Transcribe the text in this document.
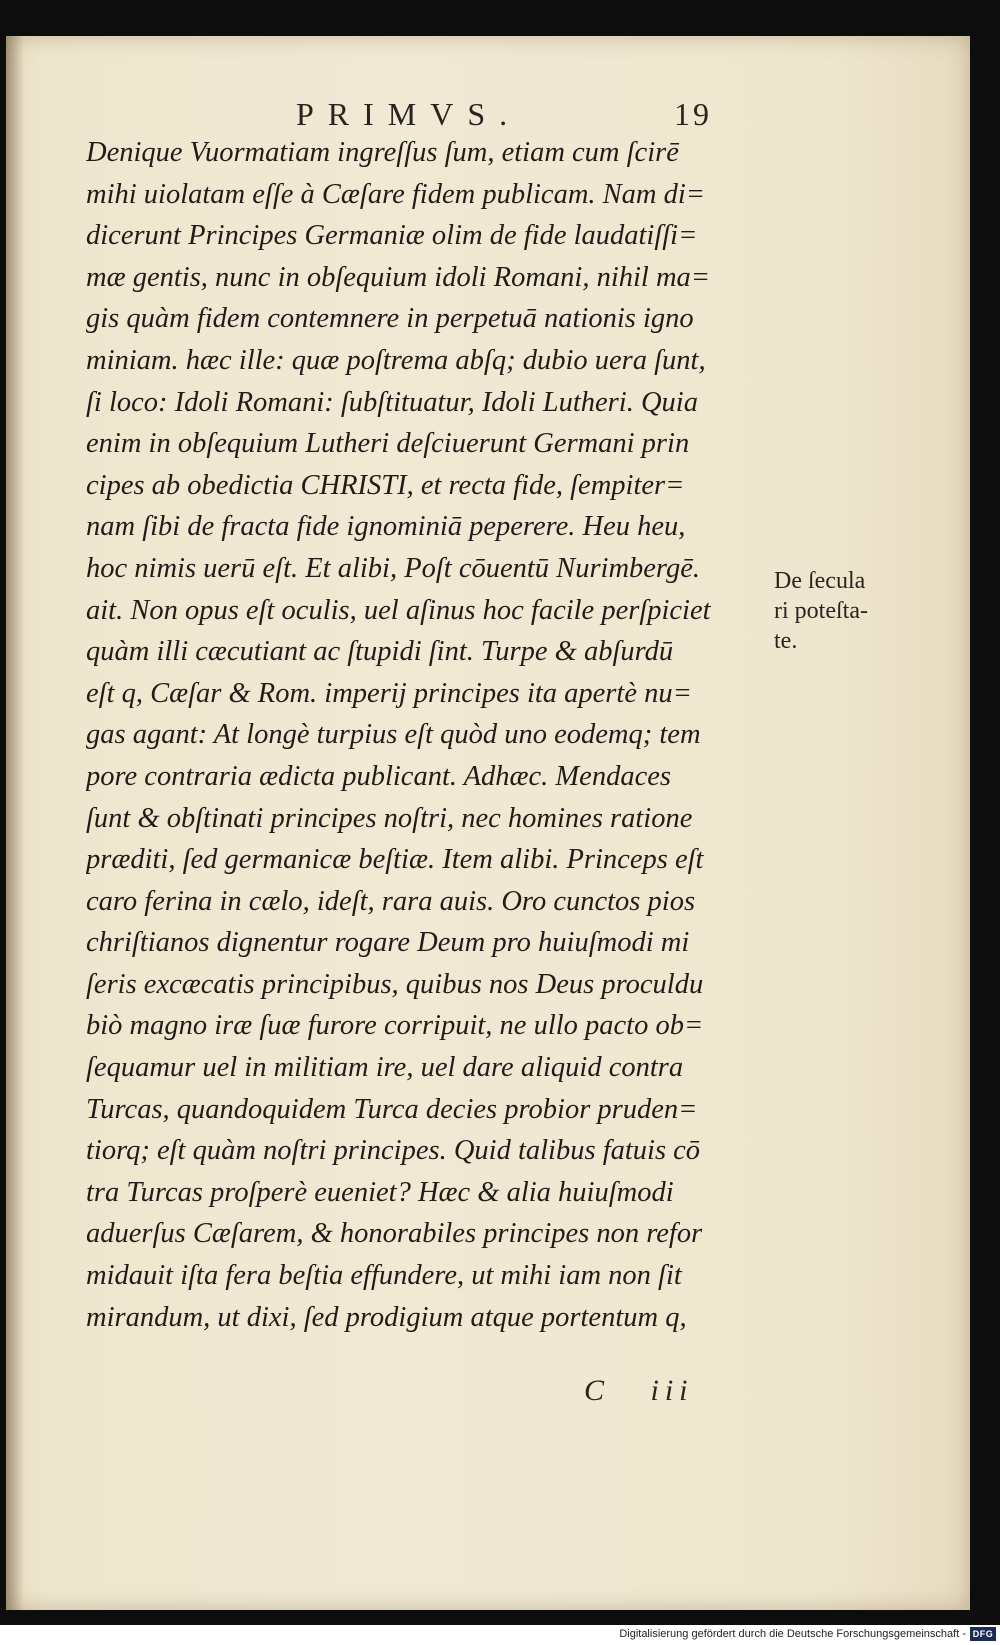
PRIMVS.	19
Denique Vuormatiam ingreſſus ſum, etiam cum ſcirē
mihi uiolatam eſſe à Cæſare fidem publicam. Nam di=
dicerunt Principes Germaniæ olim de fide laudatiſſi=
mæ gentis, nunc in obſequium idoli Romani, nihil ma=
gis quàm fidem contemnere in perpetuā nationis igno
miniam. hæc ille: quæ poſtrema abſq; dubio uera ſunt,
ſi loco: Idoli Romani: ſubſtituatur, Idoli Lutheri. Quia
enim in obſequium Lutheri deſciuerunt Germani prin
cipes ab obedictia CHRISTI, et recta fide, ſempiter=
nam ſibi de fracta fide ignominiā peperere. Heu heu,
hoc nimis uerū eſt. Et alibi, Poſt cōuentū Nurimbergē.
ait. Non opus eſt oculis, uel aſinus hoc facile perſpiciet
quàm illi cæcutiant ac ſtupidi ſint. Turpe & abſurdū
eſt q, Cæſar & Rom. imperij principes ita apertè nu=
gas agant: At longè turpius eſt quòd uno eodemq; tem
pore contraria ædicta publicant. Adhæc. Mendaces
ſunt & obſtinati principes noſtri, nec homines ratione
præditi, ſed germanicæ beſtiæ. Item alibi. Princeps eſt
caro ferina in cælo, ideſt, rara auis. Oro cunctos pios
chriſtianos dignentur rogare Deum pro huiuſmodi mi
ſeris excæcatis principibus, quibus nos Deus proculdu
biò magno iræ ſuæ furore corripuit, ne ullo pacto ob=
ſequamur uel in militiam ire, uel dare aliquid contra
Turcas, quandoquidem Turca decies probior pruden=
tiorq; eſt quàm noſtri principes. Quid talibus fatuis cō
tra Turcas proſperè eueniet? Hæc & alia huiuſmodi
aduerſus Cæſarem, & honorabiles principes non refor
midauit iſta fera beſtia effundere, ut mihi iam non ſit
mirandum, ut dixi, ſed prodigium atque portentum q,
De ſecula
ri poteſta-
te.
C   iii
Digitalisierung gefördert durch die Deutsche Forschungsgemeinschaft - DFG
